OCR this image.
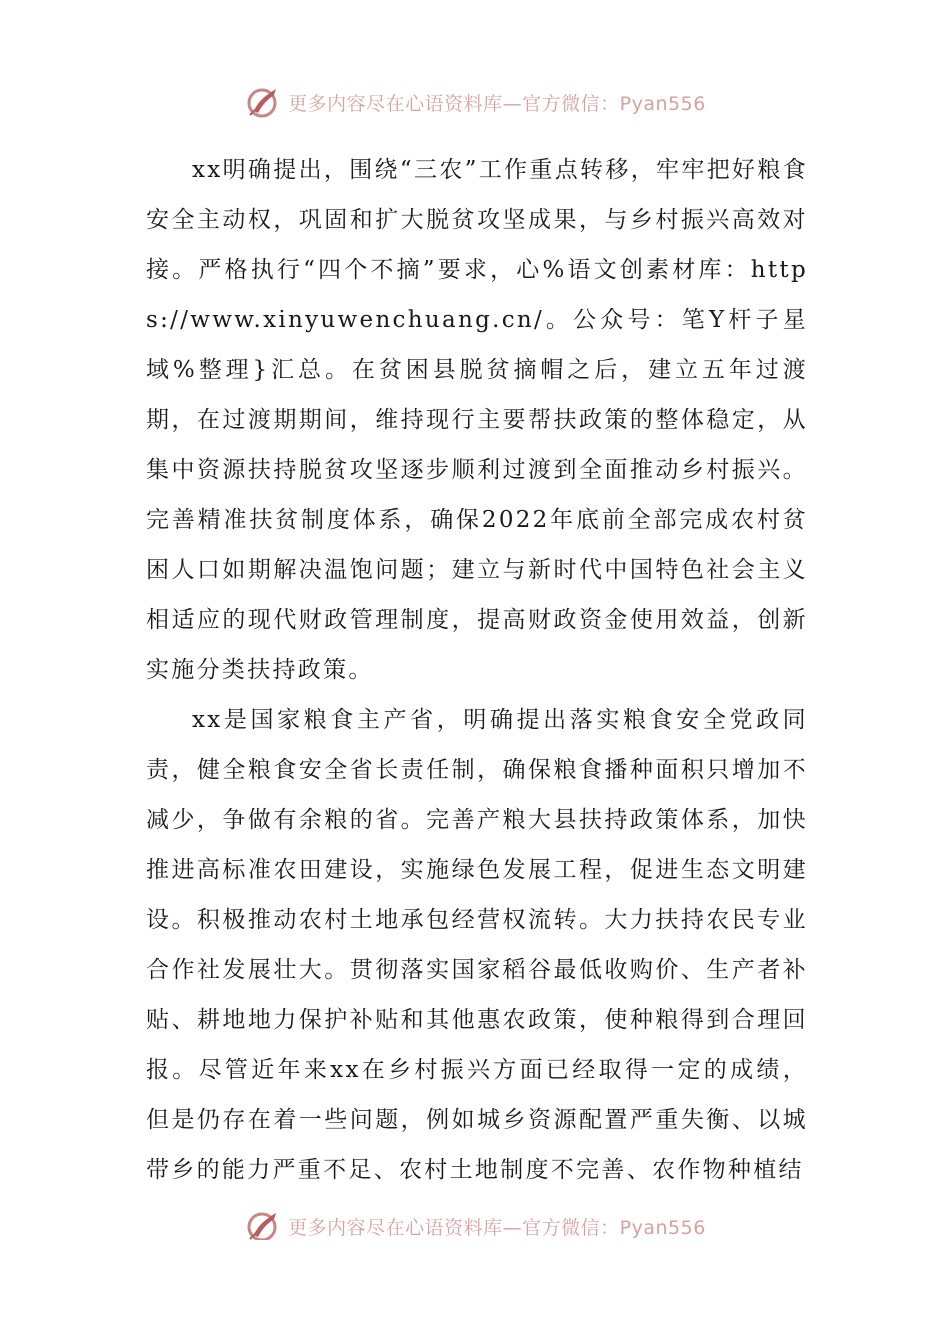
更多内容尽在心语资料库—官方微信：Pyan556

xx明确提出，围绕“三农”工作重点转移，牢牢把好粮食安全主动权，巩固和扩大脱贫攻坚成果，与乡村振兴高效对接。严格执行“四个不摘”要求，心%语文创素材库：https://www.xinyuwenchuang.cn/。公众号：笔Y杆子星域%整理}汇总。在贫困县脱贫摘帽之后，建立五年过渡期，在过渡期期间，维持现行主要帮扶政策的整体稳定，从集中资源扶持脱贫攻坚逐步顺利过渡到全面推动乡村振兴。完善精准扶贫制度体系，确保2022年底前全部完成农村贫困人口如期解决温饱问题；建立与新时代中国特色社会主义相适应的现代财政管理制度，提高财政资金使用效益，创新实施分类扶持政策。

xx是国家粮食主产省，明确提出落实粮食安全党政同责，健全粮食安全省长责任制，确保粮食播种面积只增加不减少，争做有余粮的省。完善产粮大县扶持政策体系，加快推进高标准农田建设，实施绿色发展工程，促进生态文明建设。积极推动农村土地承包经营权流转。大力扶持农民专业合作社发展壮大。贯彻落实国家稻谷最低收购价、生产者补贴、耕地地力保护补贴和其他惠农政策，使种粮得到合理回报。尽管近年来xx在乡村振兴方面已经取得一定的成绩，但是仍存在着一些问题，例如城乡资源配置严重失衡、以城带乡的能力严重不足、农村土地制度不完善、农作物种植结

更多内容尽在心语资料库—官方微信：Pyan556
